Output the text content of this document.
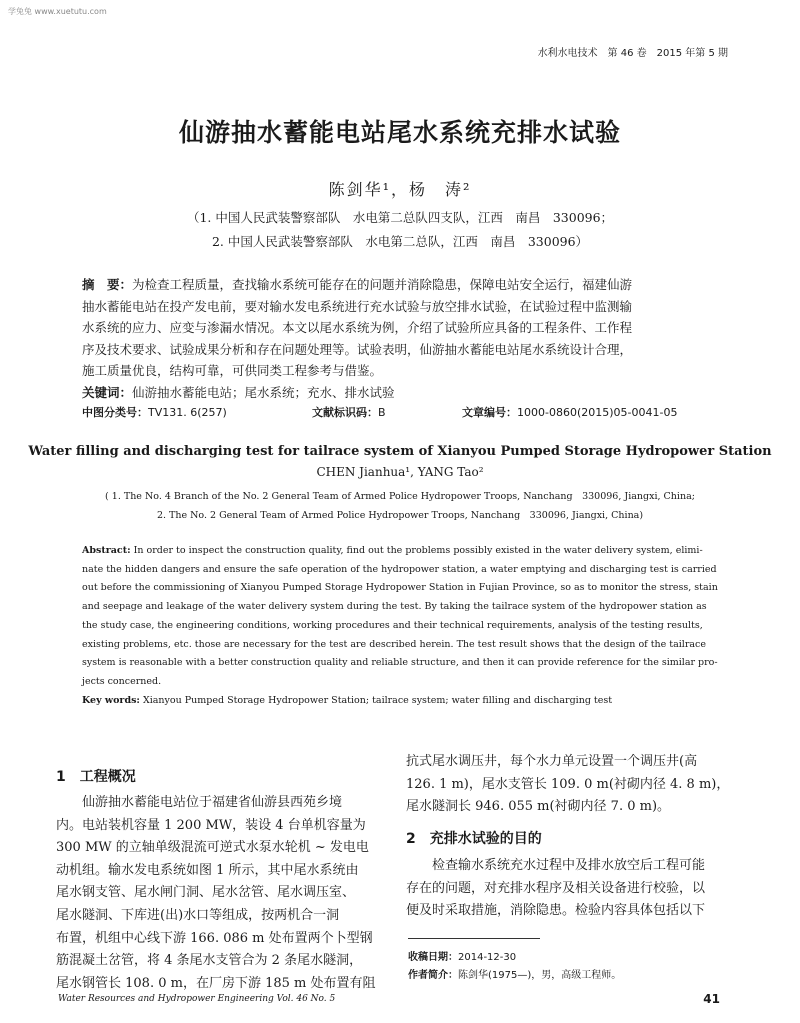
学兔兔 www.xuetutu.com
水利水电技术　第 46 卷　2015 年第 5 期
仙游抽水蓄能电站尾水系统充排水试验
陈剑华¹，杨　涛²
（1. 中国人民武装警察部队　水电第二总队四支队，江西　南昌　330096；
2. 中国人民武装警察部队　水电第二总队，江西　南昌　330096）
摘　要：为检查工程质量，查找输水系统可能存在的问题并消除隐患，保障电站安全运行，福建仙游
抽水蓄能电站在投产发电前，要对输水发电系统进行充水试验与放空排水试验，在试验过程中监测输
水系统的应力、应变与渗漏水情况。本文以尾水系统为例，介绍了试验所应具备的工程条件、工作程
序及技术要求、试验成果分析和存在问题处理等。试验表明，仙游抽水蓄能电站尾水系统设计合理，
施工质量优良，结构可靠，可供同类工程参考与借鉴。
关键词：仙游抽水蓄能电站；尾水系统；充水、排水试验
中图分类号：TV131. 6(257)	文献标识码：B	文章编号：1000-0860(2015)05-0041-05
Water filling and discharging test for tailrace system of Xianyou Pumped Storage Hydropower Station
CHEN Jianhua¹, YANG Tao²
( 1. The No. 4 Branch of the No. 2 General Team of Armed Police Hydropower Troops, Nanchang　330096, Jiangxi, China;
2. The No. 2 General Team of Armed Police Hydropower Troops, Nanchang　330096, Jiangxi, China)
Abstract: In order to inspect the construction quality, find out the problems possibly existed in the water delivery system, elimi-
nate the hidden dangers and ensure the safe operation of the hydropower station, a water emptying and discharging test is carried
out before the commissioning of Xianyou Pumped Storage Hydropower Station in Fujian Province, so as to monitor the stress, stain
and seepage and leakage of the water delivery system during the test. By taking the tailrace system of the hydropower station as
the study case, the engineering conditions, working procedures and their technical requirements, analysis of the testing results,
existing problems, etc. those are necessary for the test are described herein. The test result shows that the design of the tailrace
system is reasonable with a better construction quality and reliable structure, and then it can provide reference for the similar pro-
jects concerned.
Key words: Xianyou Pumped Storage Hydropower Station; tailrace system; water filling and discharging test
1　工程概况
　　仙游抽水蓄能电站位于福建省仙游县西苑乡境
内。电站装机容量 1 200 MW，装设 4 台单机容量为
300 MW 的立轴单级混流可逆式水泵水轮机 ~ 发电电
动机组。输水发电系统如图 1 所示，其中尾水系统由
尾水钢支管、尾水闸门洞、尾水岔管、尾水调压室、
尾水隧洞、下库进(出)水口等组成，按两机合一洞
布置，机组中心线下游 166. 086 m 处布置两个卜型钢
筋混凝土岔管，将 4 条尾水支管合为 2 条尾水隧洞，
尾水钢管长 108. 0 m，在厂房下游 185 m 处布置有阻
抗式尾水调压井，每个水力单元设置一个调压井(高
126. 1 m)，尾水支管长 109. 0 m(衬砌内径 4. 8 m)，
尾水隧洞长 946. 055 m(衬砌内径 7. 0 m)。
2　充排水试验的目的
　　检查输水系统充水过程中及排水放空后工程可能
存在的问题，对充排水程序及相关设备进行校验，以
便及时采取措施，消除隐患。检验内容具体包括以下
收稿日期：2014-12-30
作者简介：陈剑华(1975—)，男，高级工程师。
Water Resources and Hydropower Engineering Vol. 46 No. 5	41
